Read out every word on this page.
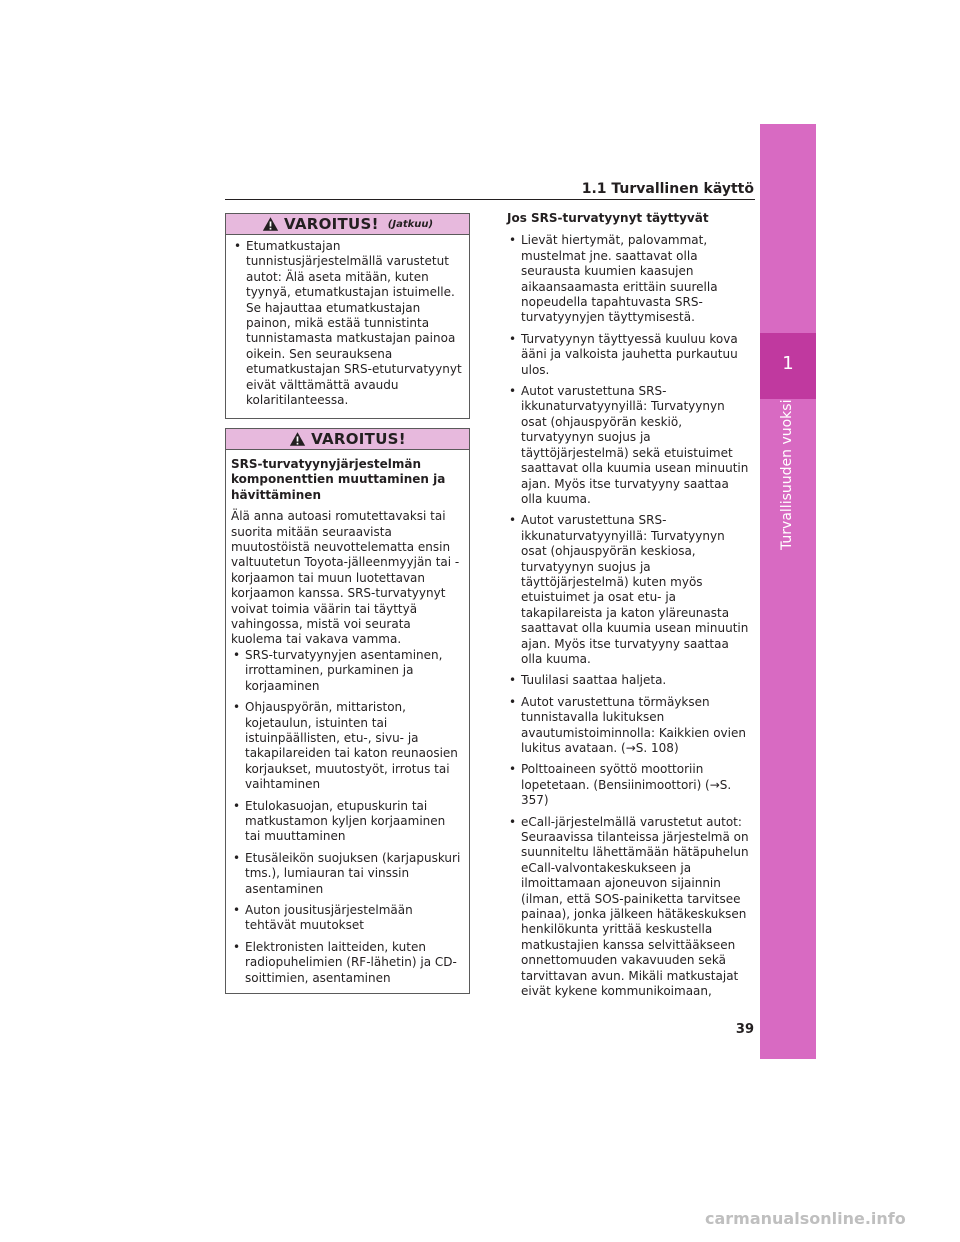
1.1 Turvallinen käyttö
1
Turvallisuuden vuoksi
VAROITUS! (Jatkuu)
• Etumatkustajan tunnistusjärjestelmällä varustetut autot: Älä aseta mitään, kuten tyynyä, etumatkustajan istuimelle. Se hajauttaa etumatkustajan painon, mikä estää tunnistinta tunnistamasta matkustajan painoa oikein. Sen seurauksena etumatkustajan SRS-etuturvatyynyt eivät välttämättä avaudu kolaritilanteessa.
VAROITUS!
SRS-turvatyynyjärjestelmän komponenttien muuttaminen ja hävittäminen
Älä anna autoasi romutettavaksi tai suorita mitään seuraavista muutostöistä neuvottelematta ensin valtuutetun Toyota-jälleenmyyjän tai -korjaamon tai muun luotettavan korjaamon kanssa. SRS-turvatyynyt voivat toimia väärin tai täyttyä vahingossa, mistä voi seurata kuolema tai vakava vamma.
• SRS-turvatyynyjen asentaminen, irrottaminen, purkaminen ja korjaaminen
• Ohjauspyörän, mittariston, kojetaulun, istuinten tai istuinpäällisten, etu-, sivu- ja takapilareiden tai katon reunaosien korjaukset, muutostyöt, irrotus tai vaihtaminen
• Etulokasuojan, etupuskurin tai matkustamon kyljen korjaaminen tai muuttaminen
• Etusäleikön suojuksen (karjapuskuri tms.), lumiauran tai vinssin asentaminen
• Auton jousitusjärjestelmään tehtävät muutokset
• Elektronisten laitteiden, kuten radiopuhelimien (RF-lähetin) ja CD-soittimien, asentaminen
Jos SRS-turvatyynyt täyttyvät
• Lievät hiertymät, palovammat, mustelmat jne. saattavat olla seurausta kuumien kaasujen aikaansaamasta erittäin suurella nopeudella tapahtuvasta SRS-turvatyynyjen täyttymisestä.
• Turvatyynyn täyttyessä kuuluu kova ääni ja valkoista jauhetta purkautuu ulos.
• Autot varustettuna SRS-ikkunaturvatyynyillä: Turvatyynyn osat (ohjauspyörän keskiö, turvatyynyn suojus ja täyttöjärjestelmä) sekä etuistuimet saattavat olla kuumia usean minuutin ajan. Myös itse turvatyyny saattaa olla kuuma.
• Autot varustettuna SRS-ikkunaturvatyynyillä: Turvatyynyn osat (ohjauspyörän keskiosa, turvatyynyn suojus ja täyttöjärjestelmä) kuten myös etuistuimet ja osat etu- ja takapilareista ja katon yläreunasta saattavat olla kuumia usean minuutin ajan. Myös itse turvatyyny saattaa olla kuuma.
• Tuulilasi saattaa haljeta.
• Autot varustettuna törmäyksen tunnistavalla lukituksen avautumistoiminnolla: Kaikkien ovien lukitus avataan. (→S. 108)
• Polttoaineen syöttö moottoriin lopetetaan. (Bensiinimoottori) (→S. 357)
• eCall-järjestelmällä varustetut autot: Seuraavissa tilanteissa järjestelmä on suunniteltu lähettämään hätäpuhelun eCall-valvontakeskukseen ja ilmoittamaan ajoneuvon sijainnin (ilman, että SOS-painiketta tarvitsee painaa), jonka jälkeen hätäkeskuksen henkilökunta yrittää keskustella matkustajien kanssa selvittääkseen onnettomuuden vakavuuden sekä tarvittavan avun. Mikäli matkustajat eivät kykene kommunikoimaan,
39
carmanualsonline.info
